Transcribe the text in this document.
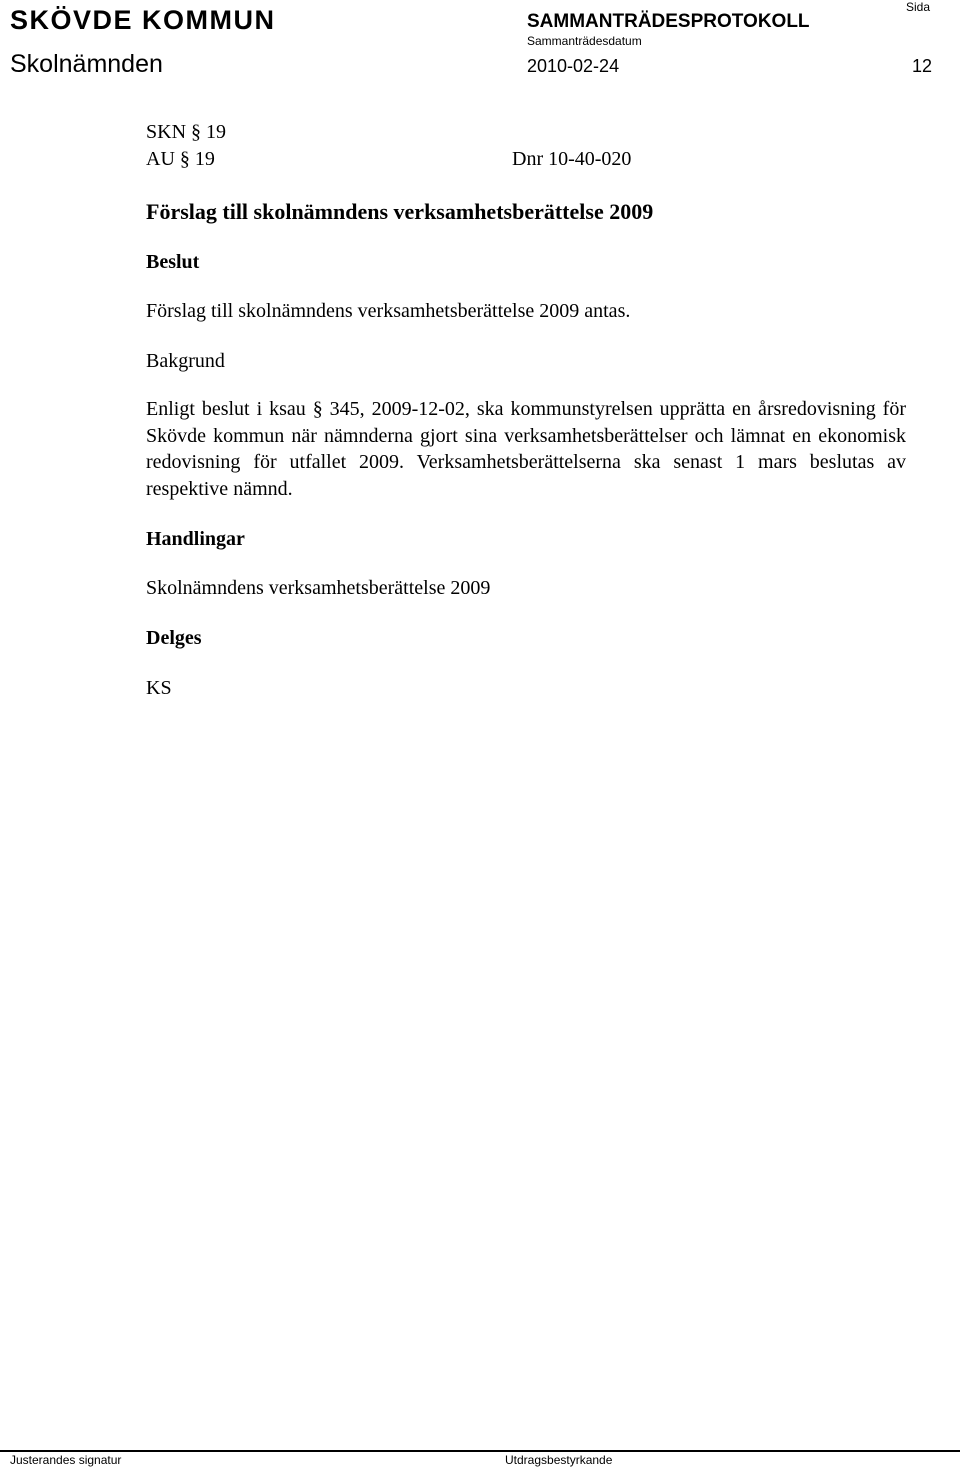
SKÖVDE KOMMUN	SAMMANTRÄDESPROTOKOLL
Sida
Sammanträdesdatum
Skolnämnden	2010-02-24	12
SKN § 19
AU § 19	Dnr 10-40-020
Förslag till skolnämndens verksamhetsberättelse 2009
Beslut
Förslag till skolnämndens verksamhetsberättelse 2009 antas.
Bakgrund
Enligt beslut i ksau § 345, 2009-12-02, ska kommunstyrelsen upprätta en årsredovisning för Skövde kommun när nämnderna gjort sina verksamhetsberättelser och lämnat en ekonomisk redovisning för utfallet 2009. Verksamhetsberättelserna ska senast 1 mars beslutas av respektive nämnd.
Handlingar
Skolnämndens verksamhetsberättelse 2009
Delges
KS
Justerandes signatur	Utdragsbestyrkande
